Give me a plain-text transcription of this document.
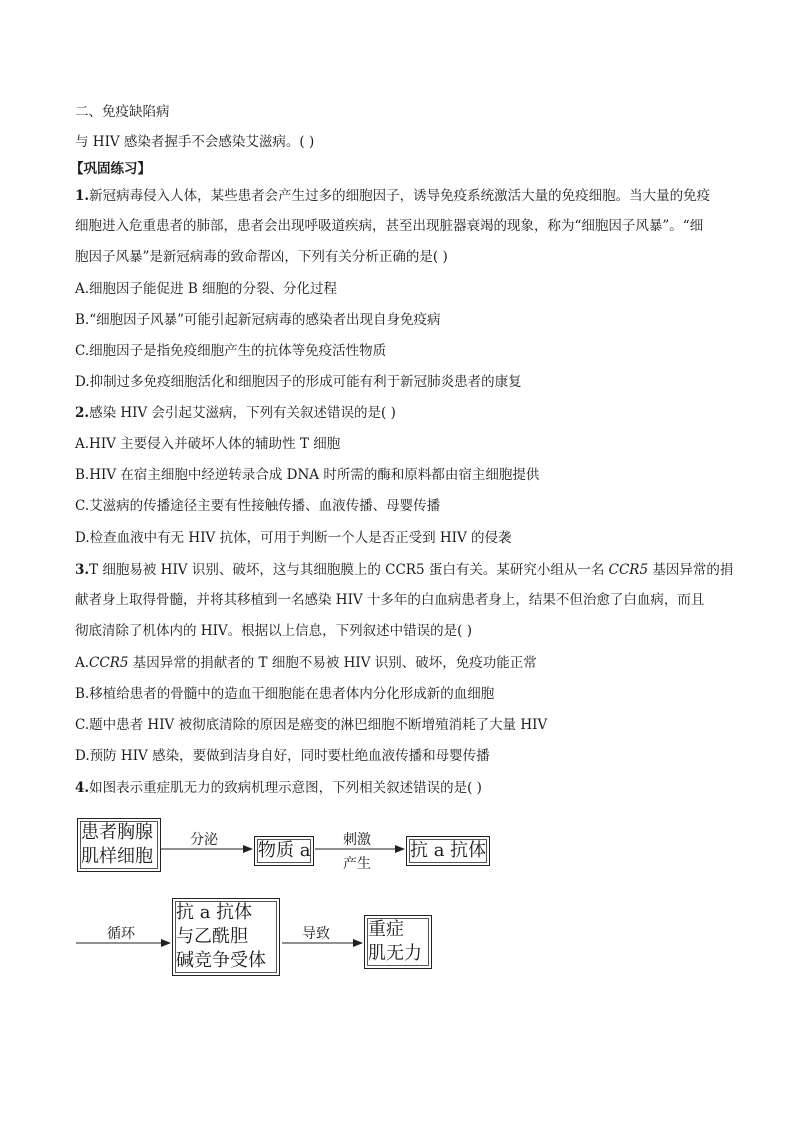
二、免疫缺陷病
与 HIV 感染者握手不会感染艾滋病。( )
【巩固练习】
1.新冠病毒侵入人体，某些患者会产生过多的细胞因子，诱导免疫系统激活大量的免疫细胞。当大量的免疫
细胞进入危重患者的肺部，患者会出现呼吸道疾病，甚至出现脏器衰竭的现象，称为“细胞因子风暴”。“细
胞因子风暴”是新冠病毒的致命帮凶，下列有关分析正确的是( )
A.细胞因子能促进 B 细胞的分裂、分化过程
B.“细胞因子风暴”可能引起新冠病毒的感染者出现自身免疫病
C.细胞因子是指免疫细胞产生的抗体等免疫活性物质
D.抑制过多免疫细胞活化和细胞因子的形成可能有利于新冠肺炎患者的康复
2.感染 HIV 会引起艾滋病，下列有关叙述错误的是( )
A.HIV 主要侵入并破坏人体的辅助性 T 细胞
B.HIV 在宿主细胞中经逆转录合成 DNA 时所需的酶和原料都由宿主细胞提供
C.艾滋病的传播途径主要有性接触传播、血液传播、母婴传播
D.检查血液中有无 HIV 抗体，可用于判断一个人是否正受到 HIV 的侵袭
3.T 细胞易被 HIV 识别、破坏，这与其细胞膜上的 CCR5 蛋白有关。某研究小组从一名 CCR5 基因异常的捐
献者身上取得骨髓，并将其移植到一名感染 HIV 十多年的白血病患者身上，结果不但治愈了白血病，而且
彻底清除了机体内的 HIV。根据以上信息，下列叙述中错误的是( )
A.CCR5 基因异常的捐献者的 T 细胞不易被 HIV 识别、破坏，免疫功能正常
B.移植给患者的骨髓中的造血干细胞能在患者体内分化形成新的血细胞
C.题中患者 HIV 被彻底清除的原因是癌变的淋巴细胞不断增殖消耗了大量 HIV
D.预防 HIV 感染，要做到洁身自好，同时要杜绝血液传播和母婴传播
4.如图表示重症肌无力的致病机理示意图，下列相关叙述错误的是( )
患者胸腺
肌样细胞
分泌 物质 a 刺激
产生
抗 a 抗体
循环
抗 a 抗体
与乙酰胆
碱竞争受体
导致 重症
肌无力
